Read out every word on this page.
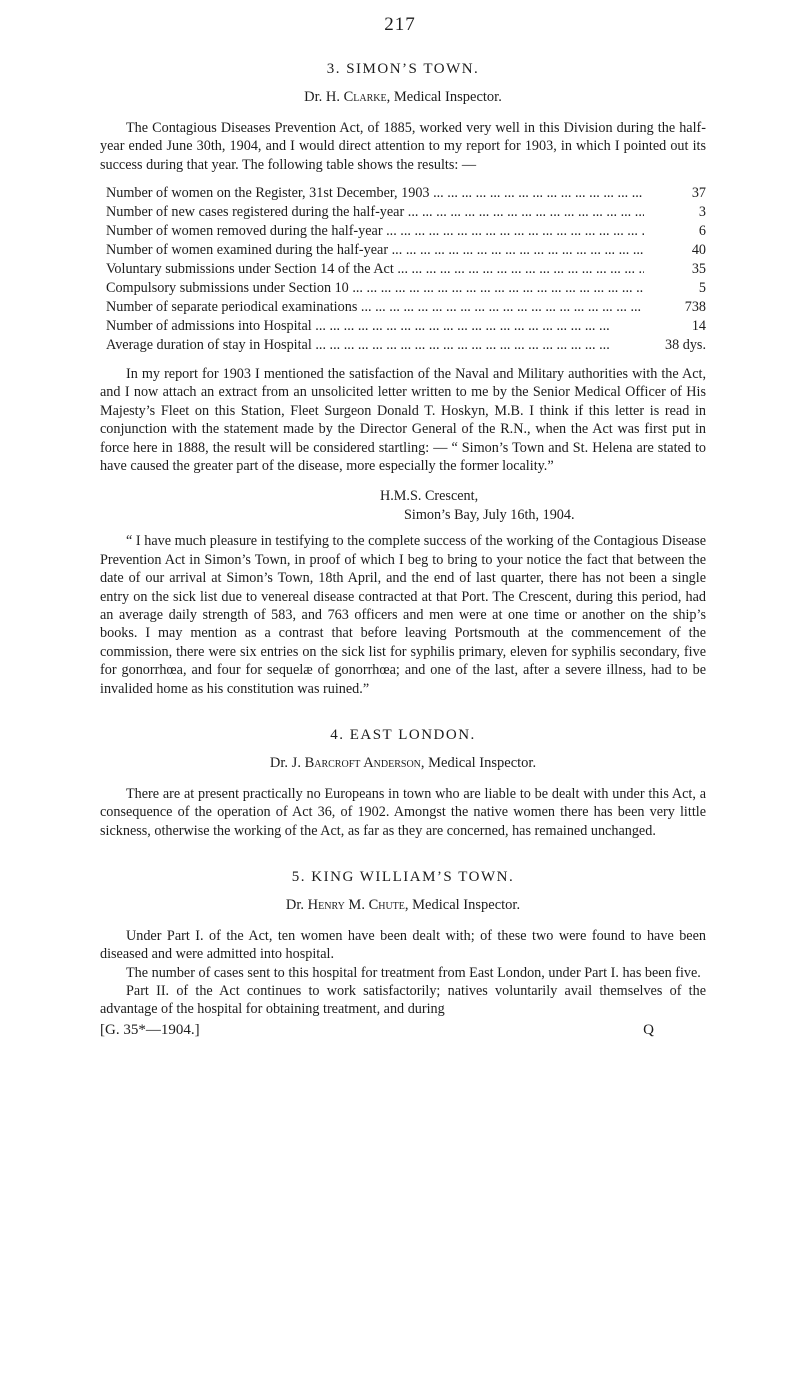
217
3. SIMON’S TOWN.
Dr. H. Clarke, Medical Inspector.

The Contagious Diseases Prevention Act, of 1885, worked very well in this Division during the half-year ended June 30th, 1904, and I would direct attention to my report for 1903, in which I pointed out its success during that year. The following table shows the results: —

Number of women on the Register, 31st December, 1903 ... .	37
Number of new cases registered during the half-year ... .	3
Number of women removed during the half-year ... .	6
Number of women examined during the half-year ... .	40
Voluntary submissions under Section 14 of the Act ... .	35
Compulsory submissions under Section 10 ... .	5
Number of separate periodical examinations ... .	738
Number of admissions into Hospital ... .	14
Average duration of stay in Hospital ... .	38 dys.

In my report for 1903 I mentioned the satisfaction of the Naval and Military authorities with the Act, and I now attach an extract from an unsolicited letter written to me by the Senior Medical Officer of His Majesty’s Fleet on this Station, Fleet Surgeon Donald T. Hoskyn, M.B. I think if this letter is read in conjunction with the statement made by the Director General of the R.N., when the Act was first put in force here in 1888, the result will be considered startling: — “ Simon’s Town and St. Helena are stated to have caused the greater part of the disease, more especially the former locality.”

H.M.S. Crescent,
Simon’s Bay, July 16th, 1904.

“ I have much pleasure in testifying to the complete success of the working of the Contagious Disease Prevention Act in Simon’s Town, in proof of which I beg to bring to your notice the fact that between the date of our arrival at Simon’s Town, 18th April, and the end of last quarter, there has not been a single entry on the sick list due to venereal disease contracted at that Port. The Crescent, during this period, had an average daily strength of 583, and 763 officers and men were at one time or another on the ship’s books. I may mention as a contrast that before leaving Portsmouth at the commencement of the commission, there were six entries on the sick list for syphilis primary, eleven for syphilis secondary, five for gonorrhœa, and four for sequelæ of gonorrhœa; and one of the last, after a severe illness, had to be invalided home as his constitution was ruined.”

4. EAST LONDON.
Dr. J. Barcroft Anderson, Medical Inspector.

There are at present practically no Europeans in town who are liable to be dealt with under this Act, a consequence of the operation of Act 36, of 1902. Amongst the native women there has been very little sickness, otherwise the working of the Act, as far as they are concerned, has remained unchanged.

5. KING WILLIAM’S TOWN.
Dr. Henry M. Chute, Medical Inspector.

Under Part I. of the Act, ten women have been dealt with; of these two were found to have been diseased and were admitted into hospital.

The number of cases sent to this hospital for treatment from East London, under Part I. has been five.

Part II. of the Act continues to work satisfactorily; natives voluntarily avail themselves of the advantage of the hospital for obtaining treatment, and during

[G. 35*—1904.]	Q
